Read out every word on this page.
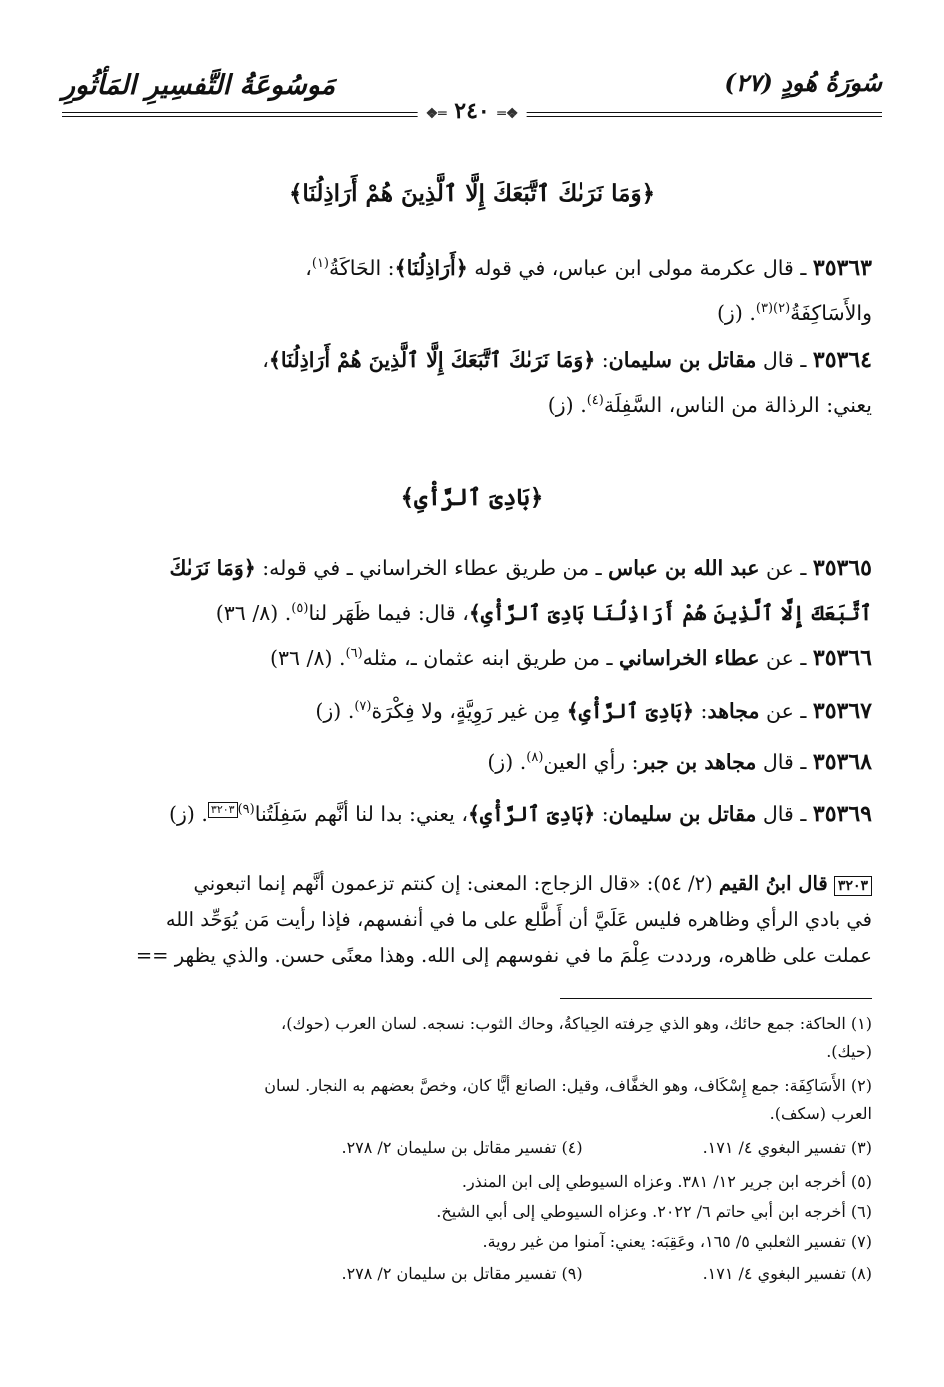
سُورَةُ هُودٍ (٢٧)
مَوسُوعَةُ التَّفسِيرِ المَأثُورِ
❖═ ٢٤٠ ═❖
﴿وَمَا نَرَىٰكَ ٱتَّبَعَكَ إِلَّا ٱلَّذِينَ هُمْ أَرَاذِلُنَا﴾
٣٥٣٦٣ ـ قال عكرمة مولى ابن عباس، في قوله ﴿أَرَاذِلُنَا﴾: الحَاكَةُ$^{(١)}$،
والأَسَاكِفَةُ$^{(٢)(٣)}$. (ز)
٣٥٣٦٤ ـ قال مقاتل بن سليمان: ﴿وَمَا نَرَىٰكَ ٱتَّبَعَكَ إِلَّا ٱلَّذِينَ هُمْ أَرَاذِلُنَا﴾،
يعني: الرذالة من الناس، السَّفِلَة$^{(٤)}$. (ز)
﴿بَادِىَ ٱلرَّأْىِ﴾
٣٥٣٦٥ ـ عن عبد الله بن عباس ـ من طريق عطاء الخراساني ـ في قوله: ﴿وَمَا نَرَىٰكَ
ٱتَّبَعَكَ إِلَّا ٱلَّذِينَ هُمْ أَرَاذِلُنَا بَادِىَ ٱلرَّأْىِ﴾، قال: فيما ظَهَر لنا$^{(٥)}$. (٨/ ٣٦)
٣٥٣٦٦ ـ عن عطاء الخراساني ـ من طريق ابنه عثمان ـ، مثله$^{(٦)}$. (٨/ ٣٦)
٣٥٣٦٧ ـ عن مجاهد: ﴿بَادِىَ ٱلرَّأْىِ﴾ مِن غير رَوِيَّةٍ، ولا فِكْرَة$^{(٧)}$. (ز)
٣٥٣٦٨ ـ قال مجاهد بن جبر: رأي العين$^{(٨)}$. (ز)
٣٥٣٦٩ ـ قال مقاتل بن سليمان: ﴿بَادِىَ ٱلرَّأْىِ﴾، يعني: بدا لنا أنَّهم سَفِلَتُنا$^{(٩)}$٣٢٠٣. (ز)
٣٢٠٣ قال ابنُ القيم (٢/ ٥٤): «قال الزجاج: المعنى: إن كنتم تزعمون أنَّهم إنما اتبعوني
في بادي الرأي وظاهره فليس عَلَيَّ أن أَطَّلع على ما في أنفسهم، فإذا رأيت مَن يُوَحِّد الله
عملت على ظاهره، ورددت عِلْمَ ما في نفوسهم إلى الله. وهذا معنًى حسن. والذي يظهر ==
(١) الحاكة: جمع حائك، وهو الذي حِرفته الحِياكةُ، وحاك الثوب: نسجه. لسان العرب (حوك)،
(حيك).
(٢) الأَسَاكِفَة: جمع إِسْكَاف، وهو الخفَّاف، وقيل: الصانع أيًّا كان، وخصَّ بعضهم به النجار. لسان
العرب (سكف).
(٣) تفسير البغوي ٤/ ١٧١.
(٤) تفسير مقاتل بن سليمان ٢/ ٢٧٨.
(٥) أخرجه ابن جرير ١٢/ ٣٨١. وعزاه السيوطي إلى ابن المنذر.
(٦) أخرجه ابن أبي حاتم ٦/ ٢٠٢٢. وعزاه السيوطي إلى أبي الشيخ.
(٧) تفسير الثعلبي ٥/ ١٦٥، وعَقِبَه: يعني: آمنوا من غير روية.
(٨) تفسير البغوي ٤/ ١٧١.
(٩) تفسير مقاتل بن سليمان ٢/ ٢٧٨.
